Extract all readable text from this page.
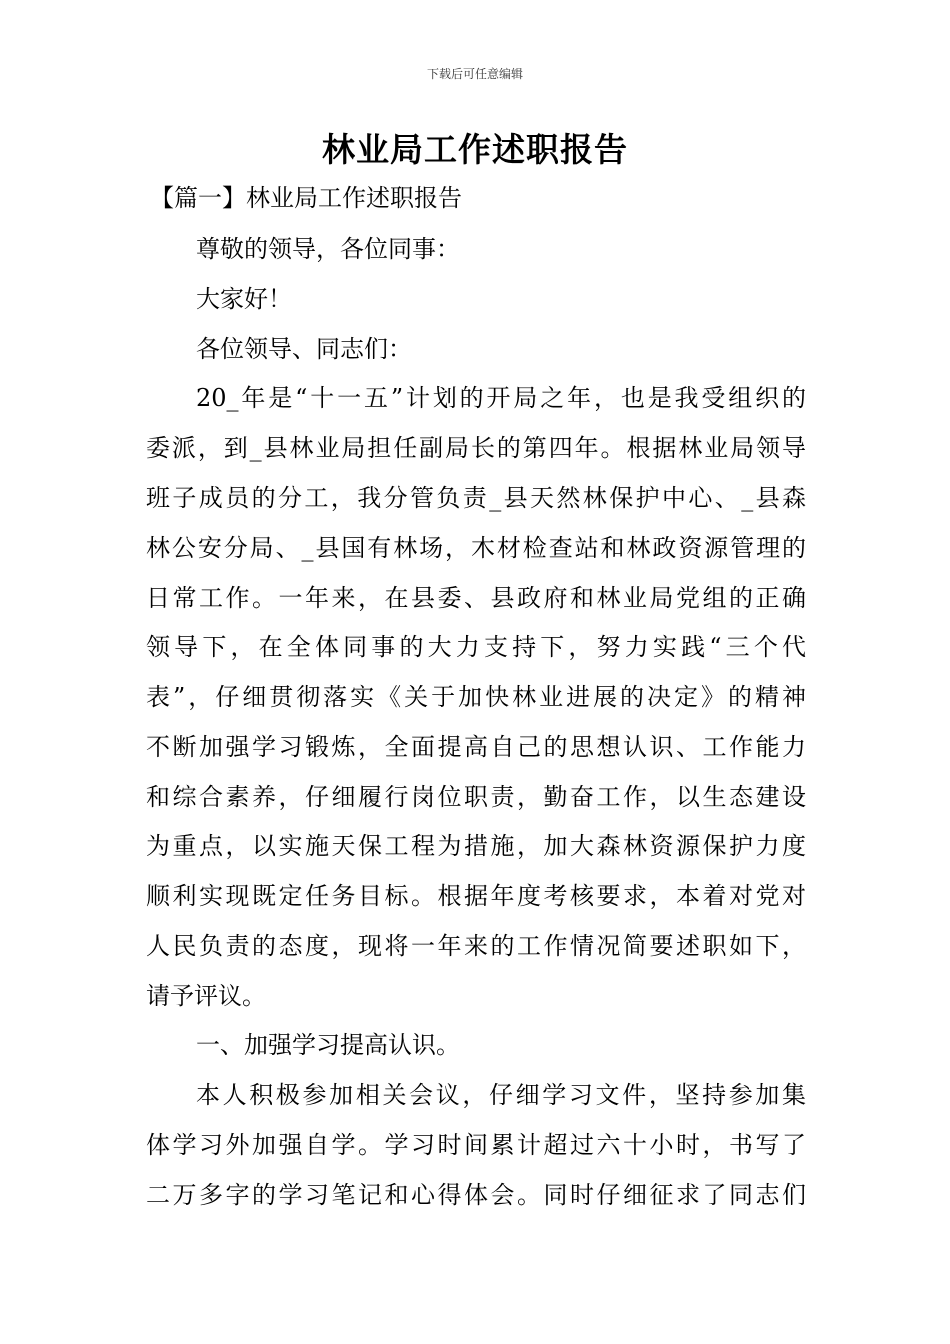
下载后可任意编辑
林业局工作述职报告
【篇一】林业局工作述职报告
尊敬的领导，各位同事：
大家好！
各位领导、同志们：
20_年是“十一五”计划的开局之年，也是我受组织的
委派，到_县林业局担任副局长的第四年。根据林业局领导
班子成员的分工，我分管负责_县天然林保护中心、_县森
林公安分局、_县国有林场，木材检查站和林政资源管理的
日常工作。一年来，在县委、县政府和林业局党组的正确
领导下，在全体同事的大力支持下，努力实践“三个代
表”，仔细贯彻落实《关于加快林业进展的决定》的精神
不断加强学习锻炼，全面提高自己的思想认识、工作能力
和综合素养，仔细履行岗位职责，勤奋工作，以生态建设
为重点，以实施天保工程为措施，加大森林资源保护力度
顺利实现既定任务目标。根据年度考核要求，本着对党对
人民负责的态度，现将一年来的工作情况简要述职如下，
请予评议。
一、加强学习提高认识。
本人积极参加相关会议，仔细学习文件，坚持参加集
体学习外加强自学。学习时间累计超过六十小时，书写了
二万多字的学习笔记和心得体会。同时仔细征求了同志们
